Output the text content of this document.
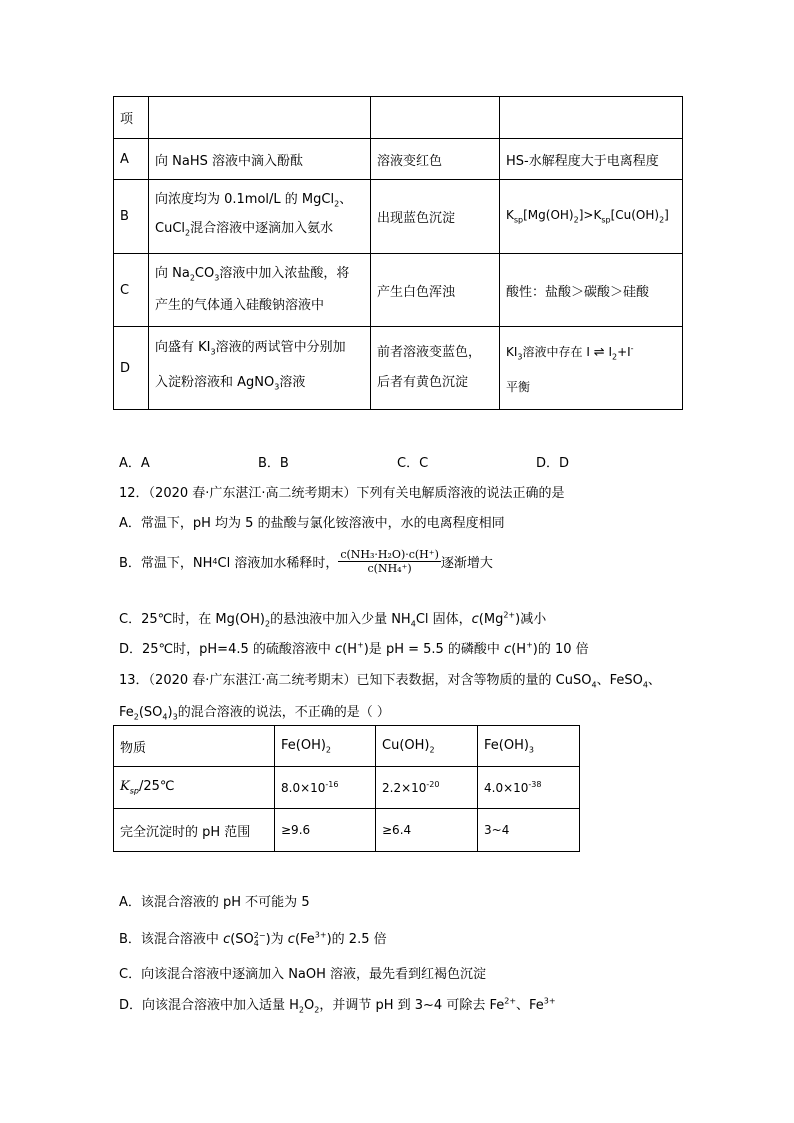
项			
A	向 NaHS 溶液中滴入酚酞	溶液变红色	HS-水解程度大于电离程度
B	向浓度均为 0.1mol/L 的 MgCl$_2$、
CuCl$_2$混合溶液中逐滴加入氨水	出现蓝色沉淀	$K_{sp}[Mg(OH)_2]>K_{sp}[Cu(OH)_2]$
C	向 $Na_2CO_3$溶液中加入浓盐酸，将
产生的气体通入硅酸钠溶液中	产生白色浑浊	酸性：盐酸＞碳酸＞硅酸
D	向盛有 $KI_3$溶液的两试管中分别加
入淀粉溶液和 AgNO$_3$溶液	前者溶液变蓝色，
后者有黄色沉淀	$KI_3$溶液中存在 I ⇌ $I_2+I^-$
平衡
A．A	B．B	C．C	D．D
12．（2020 春·广东湛江·高二统考期末）下列有关电解质溶液的说法正确的是
A．常温下，pH 均为 5 的盐酸与氯化铵溶液中，水的电离程度相同
B．常温下，NH 4 Cl 溶液加水稀释时， $\frac{\text{c(NH₃·H₂O)·c(H⁺)}}{\text{c(NH₄⁺)}}$ 逐渐增大
C．25℃时，在 $Mg(OH)_2$的悬浊液中加入少量 $NH_4Cl$ 固体，$c(Mg^{2+})$减小
D．25℃时，pH=4.5 的硫酸溶液中 c(H+)是 pH = 5.5 的磷酸中 c(H+)的 10 倍
13．（2020 春·广东湛江·高二统考期末）已知下表数据，对含等物质的量的 CuSO$_4$、FeSO$_4$、
$Fe_2(SO_4)_3$的混合溶液的说法，不正确的是（ ）
物质	$Fe(OH)_2$	$Cu(OH)_2$	$Fe(OH)_3$
$K_{sp}/25℃$	$8.0\times 10^{-16}$	$2.2\times 10^{-20}$	$4.0\times 10^{-38}$
完全沉淀时的 pH 范围	≥9.6	≥6.4	3~4
A．该混合溶液的 pH 不可能为 5
B．该混合溶液中 c(SO 2−
4 )为 $c(Fe^{3+})$的 2.5 倍
C．向该混合溶液中逐滴加入 NaOH 溶液，最先看到红褐色沉淀
D．向该混合溶液中加入适量 $H_2O_2$，并调节 pH 到 3~4 可除去 $Fe^{2+}$、$Fe^{3+}$
